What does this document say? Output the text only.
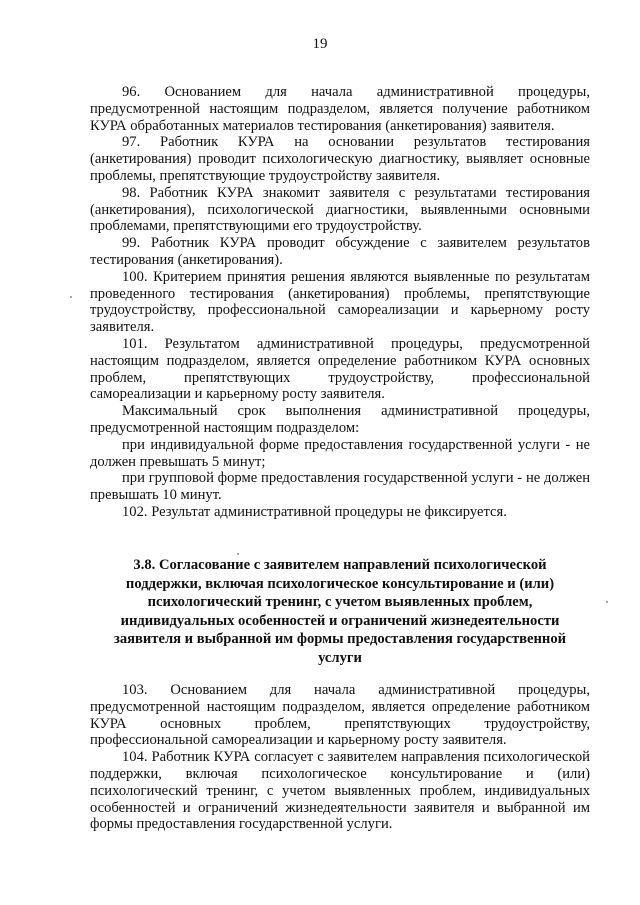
19

96. Основанием для начала административной процедуры, предусмотренной настоящим подразделом, является получение работником КУРА обработанных материалов тестирования (анкетирования) заявителя.

97. Работник КУРА на основании результатов тестирования (анкетирования) проводит психологическую диагностику, выявляет основные проблемы, препятствующие трудоустройству заявителя.

98. Работник КУРА знакомит заявителя с результатами тестирования (анкетирования), психологической диагностики, выявленными основными проблемами, препятствующими его трудоустройству.

99. Работник КУРА проводит обсуждение с заявителем результатов тестирования (анкетирования).

100. Критерием принятия решения являются выявленные по результатам проведенного тестирования (анкетирования) проблемы, препятствующие трудоустройству, профессиональной самореализации и карьерному росту заявителя.

101. Результатом административной процедуры, предусмотренной настоящим подразделом, является определение работником КУРА основных проблем, препятствующих трудоустройству, профессиональной самореализации и карьерному росту заявителя.

Максимальный срок выполнения административной процедуры, предусмотренной настоящим подразделом:

при индивидуальной форме предоставления государственной услуги - не должен превышать 5 минут;

при групповой форме предоставления государственной услуги - не должен превышать 10 минут.

102. Результат административной процедуры не фиксируется.

3.8. Согласование с заявителем направлений психологической поддержки, включая психологическое консультирование и (или) психологический тренинг, с учетом выявленных проблем, индивидуальных особенностей и ограничений жизнедеятельности заявителя и выбранной им формы предоставления государственной услуги

103. Основанием для начала административной процедуры, предусмотренной настоящим подразделом, является определение работником КУРА основных проблем, препятствующих трудоустройству, профессиональной самореализации и карьерному росту заявителя.

104. Работник КУРА согласует с заявителем направления психологической поддержки, включая психологическое консультирование и (или) психологический тренинг, с учетом выявленных проблем, индивидуальных особенностей и ограничений жизнедеятельности заявителя и выбранной им формы предоставления государственной услуги.
